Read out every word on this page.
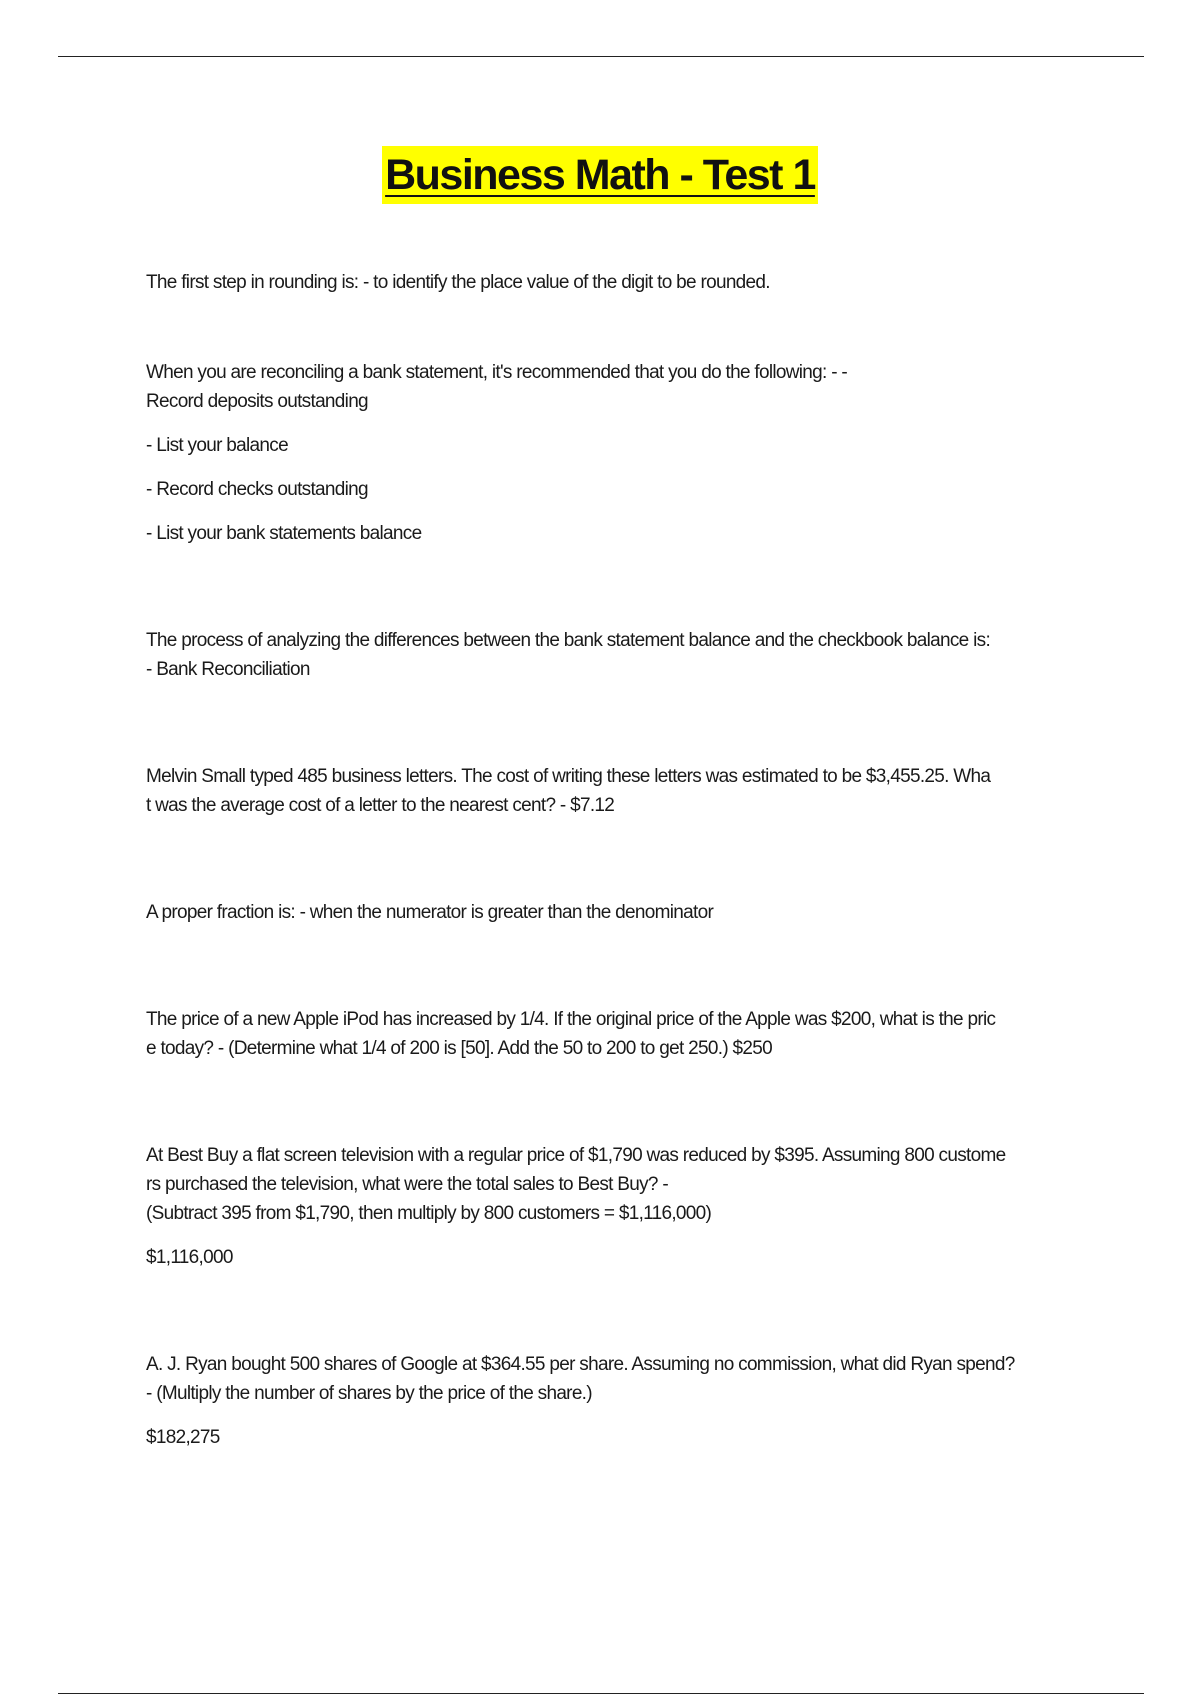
Business Math - Test 1
The first step in rounding is: - to identify the place value of the digit to be rounded.
When you are reconciling a bank statement, it's recommended that you do the following: - -
Record deposits outstanding
- List your balance
- Record checks outstanding
- List your bank statements balance
The process of analyzing the differences between the bank statement balance and the checkbook balance is:
- Bank Reconciliation
Melvin Small typed 485 business letters. The cost of writing these letters was estimated to be $3,455.25. Wha
t was the average cost of a letter to the nearest cent? - $7.12
A proper fraction is: - when the numerator is greater than the denominator
The price of a new Apple iPod has increased by 1/4. If the original price of the Apple was $200, what is the pric
e today? - (Determine what 1/4 of 200 is [50]. Add the 50 to 200 to get 250.) $250
At Best Buy a flat screen television with a regular price of $1,790 was reduced by $395. Assuming 800 custome
rs purchased the television, what were the total sales to Best Buy? -
(Subtract 395 from $1,790, then multiply by 800 customers = $1,116,000)
$1,116,000
A. J. Ryan bought 500 shares of Google at $364.55 per share. Assuming no commission, what did Ryan spend?
- (Multiply the number of shares by the price of the share.)
$182,275
